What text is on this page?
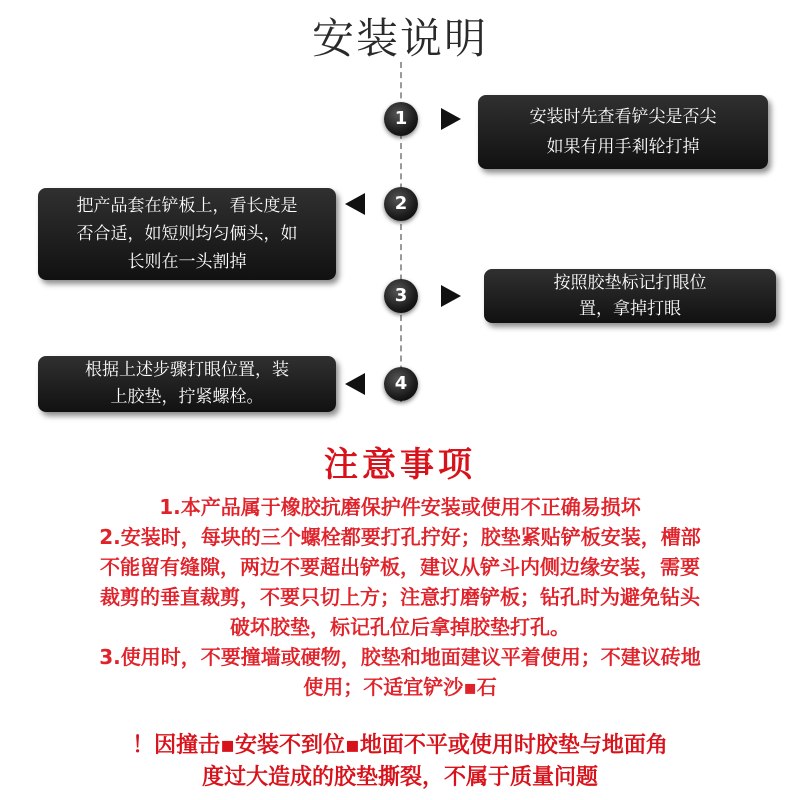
安装说明
1	安装时先查看铲尖是否尖
如果有用手剎轮打掉
2
把产品套在铲板上，看长度是
否合适，如短则均匀俩头，如
长则在一头割掉
3
按照胶垫标记打眼位
置，拿掉打眼
4
根据上述步骤打眼位置，装
上胶垫，拧紧螺栓。
注意事项
1.本产品属于橡胶抗磨保护件安装或使用不正确易损坏
2.安装时，每块的三个螺栓都要打孔拧好；胶垫紧贴铲板安装，槽部
不能留有缝隙，两边不要超出铲板，建议从铲斗内侧边缘安装，需要
裁剪的垂直裁剪，不要只切上方；注意打磨铲板；钻孔时为避免钻头
破坏胶垫，标记孔位后拿掉胶垫打孔。
3.使用时，不要撞墙或硬物，胶垫和地面建议平着使用；不建议砖地
使用；不适宜铲沙▪石
！因撞击▪安装不到位▪地面不平或使用时胶垫与地面角
度过大造成的胶垫撕裂，不属于质量问题
